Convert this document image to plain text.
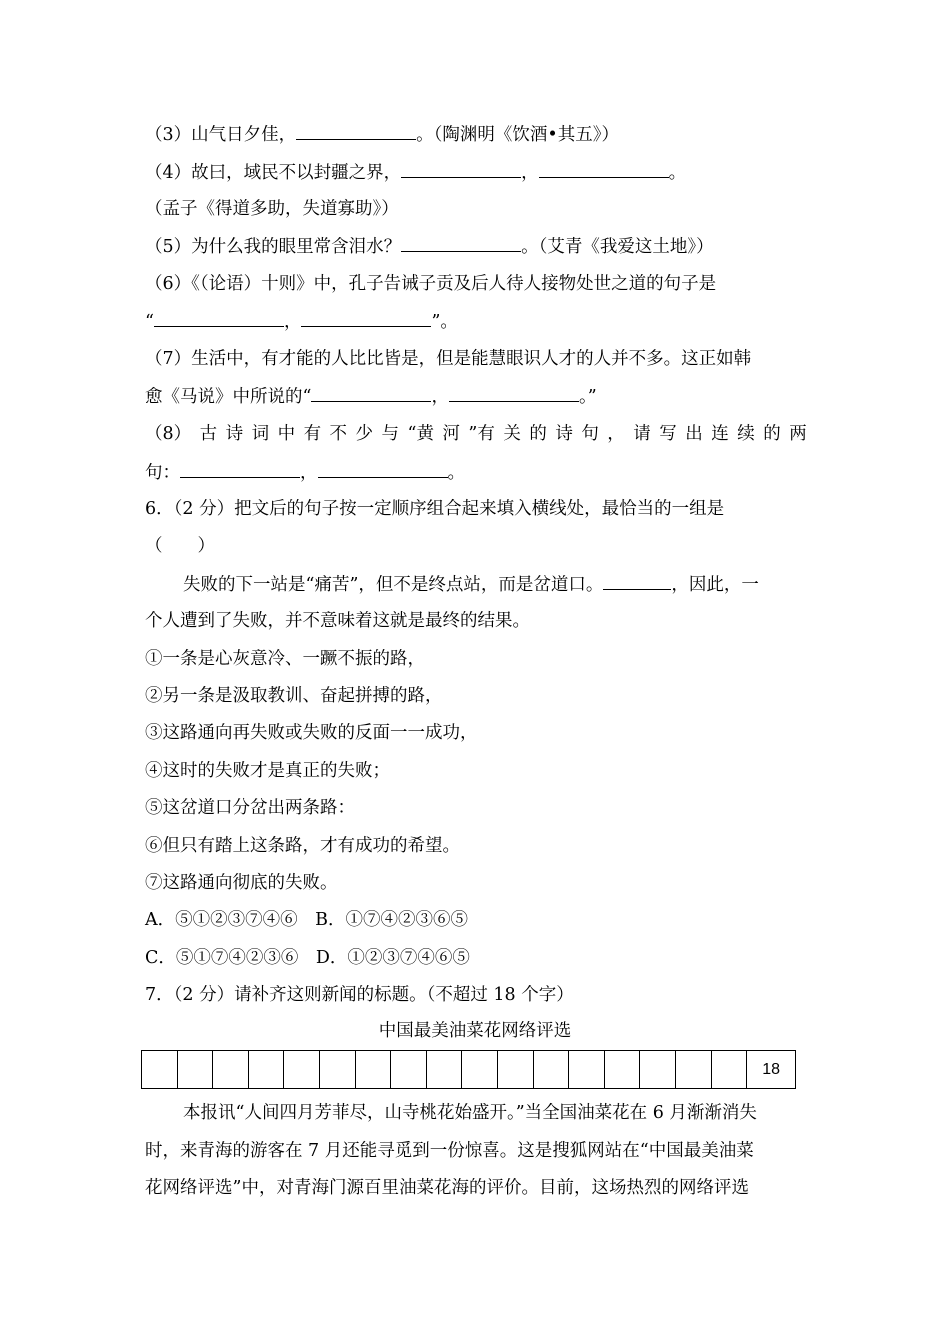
（3）山气日夕佳，	。（陶渊明《饮酒•其五》）
（4）故曰，域民不以封疆之界，	，	。
（孟子《得道多助，失道寡助》）
（5）为什么我的眼里常含泪水？	。（艾青《我爱这土地》）
（6）《（论语）十则》中，孔子告诫子贡及后人待人接物处世之道的句子是
“	，	”。
（7）生活中，有才能的人比比皆是，但是能慧眼识人才的人并不多。这正如韩
愈《马说》中所说的“	，	。”
（8） 古 诗 词 中 有 不 少 与 “黄 河 ”有 关 的 诗 句 ， 请 写 出 连 续 的 两
句：	，	。
6．（2 分）把文后的句子按一定顺序组合起来填入横线处，最恰当的一组是
（　　）
失败的下一站是“痛苦”，但不是终点站，而是岔道口。	，因此，一
个人遭到了失败，并不意味着这就是最终的结果。
①一条是心灰意冷、一蹶不振的路，
②另一条是汲取教训、奋起拼搏的路，
③这路通向再失败或失败的反面一一成功，
④这时的失败才是真正的失败；
⑤这岔道口分岔出两条路：
⑥但只有踏上这条路，才有成功的希望。
⑦这路通向彻底的失败。
A．⑤①②③⑦④⑥　B．①⑦④②③⑥⑤
C．⑤①⑦④②③⑥　D．①②③⑦④⑥⑤
7．（2 分）请补齐这则新闻的标题。（不超过 18 个字）
中国最美油菜花网络评选
																	18
本报讯“人间四月芳菲尽，山寺桃花始盛开。”当全国油菜花在 6 月渐渐消失
时，来青海的游客在 7 月还能寻觅到一份惊喜。这是搜狐网站在“中国最美油菜
花网络评选”中，对青海门源百里油菜花海的评价。目前，这场热烈的网络评选
